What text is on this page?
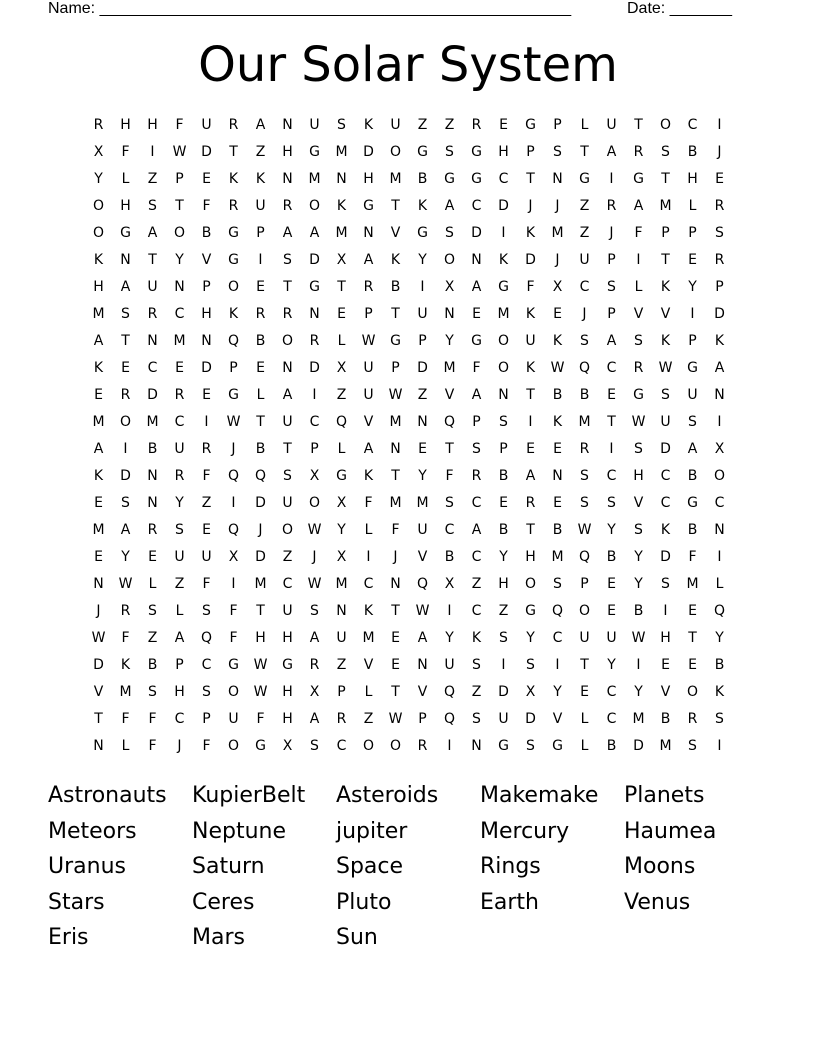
Name: _____________________________________________________	Date: _______
Our Solar System
R	H	H	F	U	R	A	N	U	S	K	U	Z	Z	R	E	G	P	L	U	T	O	C	I
X	F	I	W	D	T	Z	H	G	M	D	O	G	S	G	H	P	S	T	A	R	S	B	J
Y	L	Z	P	E	K	K	N	M	N	H	M	B	G	G	C	T	N	G	I	G	T	H	E
O	H	S	T	F	R	U	R	O	K	G	T	K	A	C	D	J	J	Z	R	A	M	L	R
O	G	A	O	B	G	P	A	A	M	N	V	G	S	D	I	K	M	Z	J	F	P	P	S
K	N	T	Y	V	G	I	S	D	X	A	K	Y	O	N	K	D	J	U	P	I	T	E	R
H	A	U	N	P	O	E	T	G	T	R	B	I	X	A	G	F	X	C	S	L	K	Y	P
M	S	R	C	H	K	R	R	N	E	P	T	U	N	E	M	K	E	J	P	V	V	I	D
A	T	N	M	N	Q	B	O	R	L	W	G	P	Y	G	O	U	K	S	A	S	K	P	K
K	E	C	E	D	P	E	N	D	X	U	P	D	M	F	O	K	W	Q	C	R	W	G	A
E	R	D	R	E	G	L	A	I	Z	U	W	Z	V	A	N	T	B	B	E	G	S	U	N
M	O	M	C	I	W	T	U	C	Q	V	M	N	Q	P	S	I	K	M	T	W	U	S	I
A	I	B	U	R	J	B	T	P	L	A	N	E	T	S	P	E	E	R	I	S	D	A	X
K	D	N	R	F	Q	Q	S	X	G	K	T	Y	F	R	B	A	N	S	C	H	C	B	O
E	S	N	Y	Z	I	D	U	O	X	F	M	M	S	C	E	R	E	S	S	V	C	G	C
M	A	R	S	E	Q	J	O	W	Y	L	F	U	C	A	B	T	B	W	Y	S	K	B	N
E	Y	E	U	U	X	D	Z	J	X	I	J	V	B	C	Y	H	M	Q	B	Y	D	F	I
N	W	L	Z	F	I	M	C	W	M	C	N	Q	X	Z	H	O	S	P	E	Y	S	M	L
J	R	S	L	S	F	T	U	S	N	K	T	W	I	C	Z	G	Q	O	E	B	I	E	Q
W	F	Z	A	Q	F	H	H	A	U	M	E	A	Y	K	S	Y	C	U	U	W	H	T	Y
D	K	B	P	C	G	W	G	R	Z	V	E	N	U	S	I	S	I	T	Y	I	E	E	B
V	M	S	H	S	O	W	H	X	P	L	T	V	Q	Z	D	X	Y	E	C	Y	V	O	K
T	F	F	C	P	U	F	H	A	R	Z	W	P	Q	S	U	D	V	L	C	M	B	R	S
N	L	F	J	F	O	G	X	S	C	O	O	R	I	N	G	S	G	L	B	D	M	S	I
Astronauts	KupierBelt	Asteroids	Makemake	Planets
Meteors	Neptune	jupiter	Mercury	Haumea
Uranus	Saturn	Space	Rings	Moons
Stars	Ceres	Pluto	Earth	Venus
Eris	Mars	Sun
